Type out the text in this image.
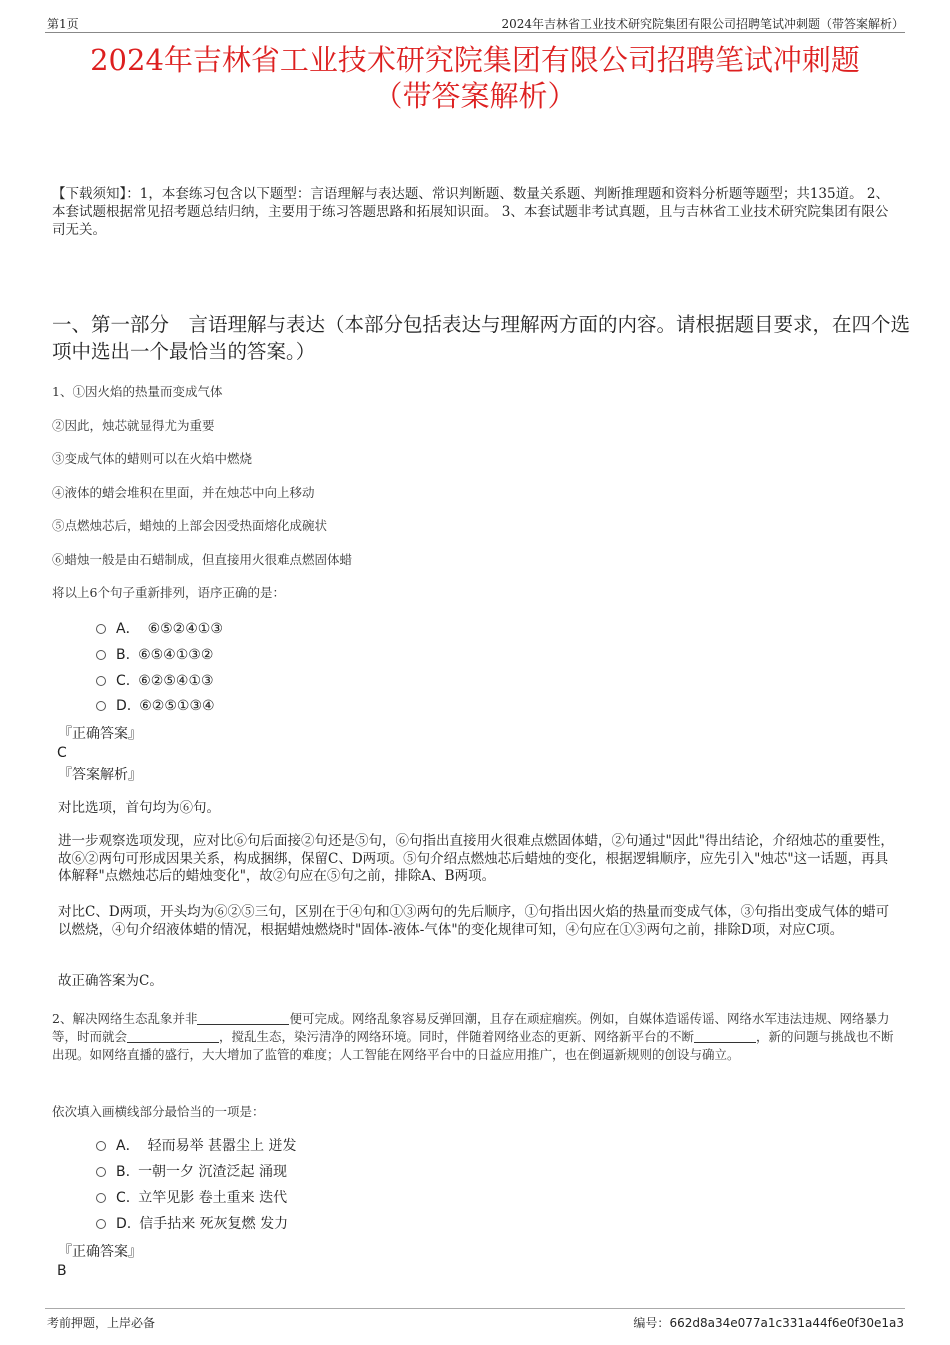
第1页	2024年吉林省工业技术研究院集团有限公司招聘笔试冲刺题（带答案解析）
2024年吉林省工业技术研究院集团有限公司招聘笔试冲刺题
（带答案解析）
【下载须知】：1，本套练习包含以下题型：言语理解与表达题、常识判断题、数量关系题、判断推理题和资料分析题等题型；共135道。 2、本套试题根据常见招考题总结归纳，主要用于练习答题思路和拓展知识面。 3、本套试题非考试真题，且与吉林省工业技术研究院集团有限公司无关。
一、第一部分　言语理解与表达（本部分包括表达与理解两方面的内容。请根据题目要求，在四个选项中选出一个最恰当的答案。）
1、①因火焰的热量而变成气体
②因此，烛芯就显得尤为重要
③变成气体的蜡则可以在火焰中燃烧
④液体的蜡会堆积在里面，并在烛芯中向上移动
⑤点燃烛芯后，蜡烛的上部会因受热面熔化成碗状
⑥蜡烛一般是由石蜡制成，但直接用火很难点燃固体蜡
将以上6个句子重新排列，语序正确的是：
A． ⑥⑤②④①③
B. ⑥⑤④①③②
C. ⑥②⑤④①③
D. ⑥②⑤①③④
『正确答案』
C
『答案解析』
对比选项，首句均为⑥句。
进一步观察选项发现，应对比⑥句后面接②句还是⑤句，⑥句指出直接用火很难点燃固体蜡，②句通过"因此"得出结论，介绍烛芯的重要性，故⑥②两句可形成因果关系，构成捆绑，保留C、D两项。⑤句介绍点燃烛芯后蜡烛的变化，根据逻辑顺序，应先引入"烛芯"这一话题，再具体解释"点燃烛芯后的蜡烛变化"，故②句应在⑤句之前，排除A、B两项。
对比C、D两项，开头均为⑥②⑤三句，区别在于④句和①③两句的先后顺序，①句指出因火焰的热量而变成气体，③句指出变成气体的蜡可以燃烧，④句介绍液体蜡的情况，根据蜡烛燃烧时"固体-液体-气体"的变化规律可知，④句应在①③两句之前，排除D项，对应C项。
故正确答案为C。
2、解决网络生态乱象并非	便可完成。网络乱象容易反弹回潮，且存在顽症痼疾。例如，自媒体造谣传谣、网络水军违法违规、网络暴力等，时而就会	，搅乱生态，染污清净的网络环境。同时，伴随着网络业态的更新、网络新平台的不断	，新的问题与挑战也不断出现。如网络直播的盛行，大大增加了监管的难度；人工智能在网络平台中的日益应用推广，也在倒逼新规则的创设与确立。
依次填入画横线部分最恰当的一项是：
A． 轻而易举 甚嚣尘上 迸发
B. 一朝一夕 沉渣泛起 涌现
C. 立竿见影 卷土重来 迭代
D. 信手拈来 死灰复燃 发力
『正确答案』
B
考前押题，上岸必备	编号：662d8a34e077a1c331a44f6e0f30e1a3
